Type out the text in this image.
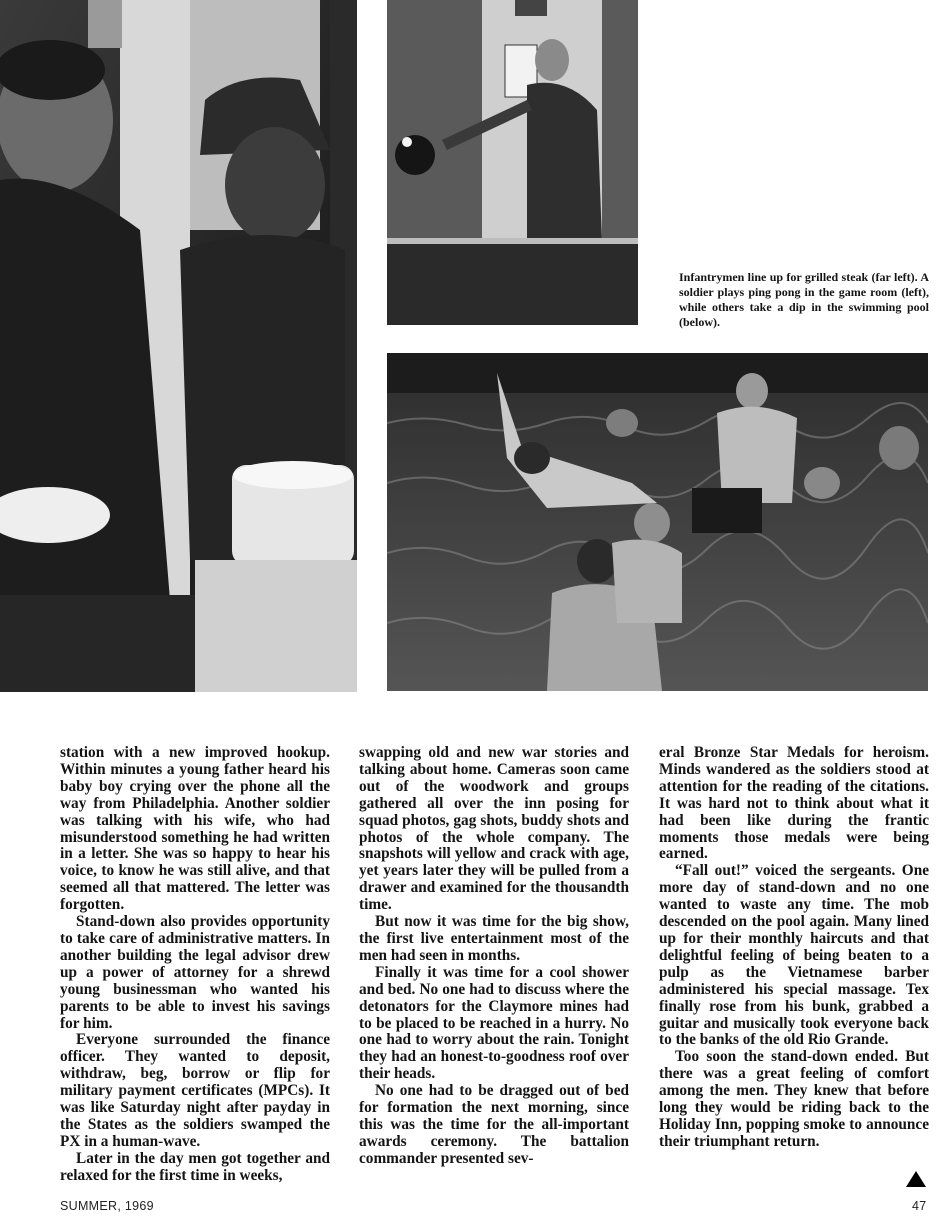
Infantrymen line up for grilled steak (far left). A soldier plays ping pong in the game room (left), while others take a dip in the swimming pool (below).

station with a new improved hookup. Within minutes a young father heard his baby boy crying over the phone all the way from Philadelphia. Another soldier was talking with his wife, who had misunderstood something he had written in a letter. She was so happy to hear his voice, to know he was still alive, and that seemed all that mattered. The letter was forgotten.

Stand-down also provides opportunity to take care of administrative matters. In another building the legal advisor drew up a power of attorney for a shrewd young businessman who wanted his parents to be able to invest his savings for him.

Everyone surrounded the finance officer. They wanted to deposit, withdraw, beg, borrow or flip for military payment certificates (MPCs). It was like Saturday night after payday in the States as the soldiers swamped the PX in a human-wave.

Later in the day men got together and relaxed for the first time in weeks,

swapping old and new war stories and talking about home. Cameras soon came out of the woodwork and groups gathered all over the inn posing for squad photos, gag shots, buddy shots and photos of the whole company. The snapshots will yellow and crack with age, yet years later they will be pulled from a drawer and examined for the thousandth time.

But now it was time for the big show, the first live entertainment most of the men had seen in months.

Finally it was time for a cool shower and bed. No one had to discuss where the detonators for the Claymore mines had to be placed to be reached in a hurry. No one had to worry about the rain. Tonight they had an honest-to-goodness roof over their heads.

No one had to be dragged out of bed for formation the next morning, since this was the time for the all-important awards ceremony. The battalion commander presented sev-

eral Bronze Star Medals for heroism. Minds wandered as the soldiers stood at attention for the reading of the citations. It was hard not to think about what it had been like during the frantic moments those medals were being earned.

“Fall out!” voiced the sergeants. One more day of stand-down and no one wanted to waste any time. The mob descended on the pool again. Many lined up for their monthly haircuts and that delightful feeling of being beaten to a pulp as the Vietnamese barber administered his special massage. Tex finally rose from his bunk, grabbed a guitar and musically took everyone back to the banks of the old Rio Grande.

Too soon the stand-down ended. But there was a great feeling of comfort among the men. They knew that before long they would be riding back to the Holiday Inn, popping smoke to announce their triumphant return.

SUMMER, 1969	47
